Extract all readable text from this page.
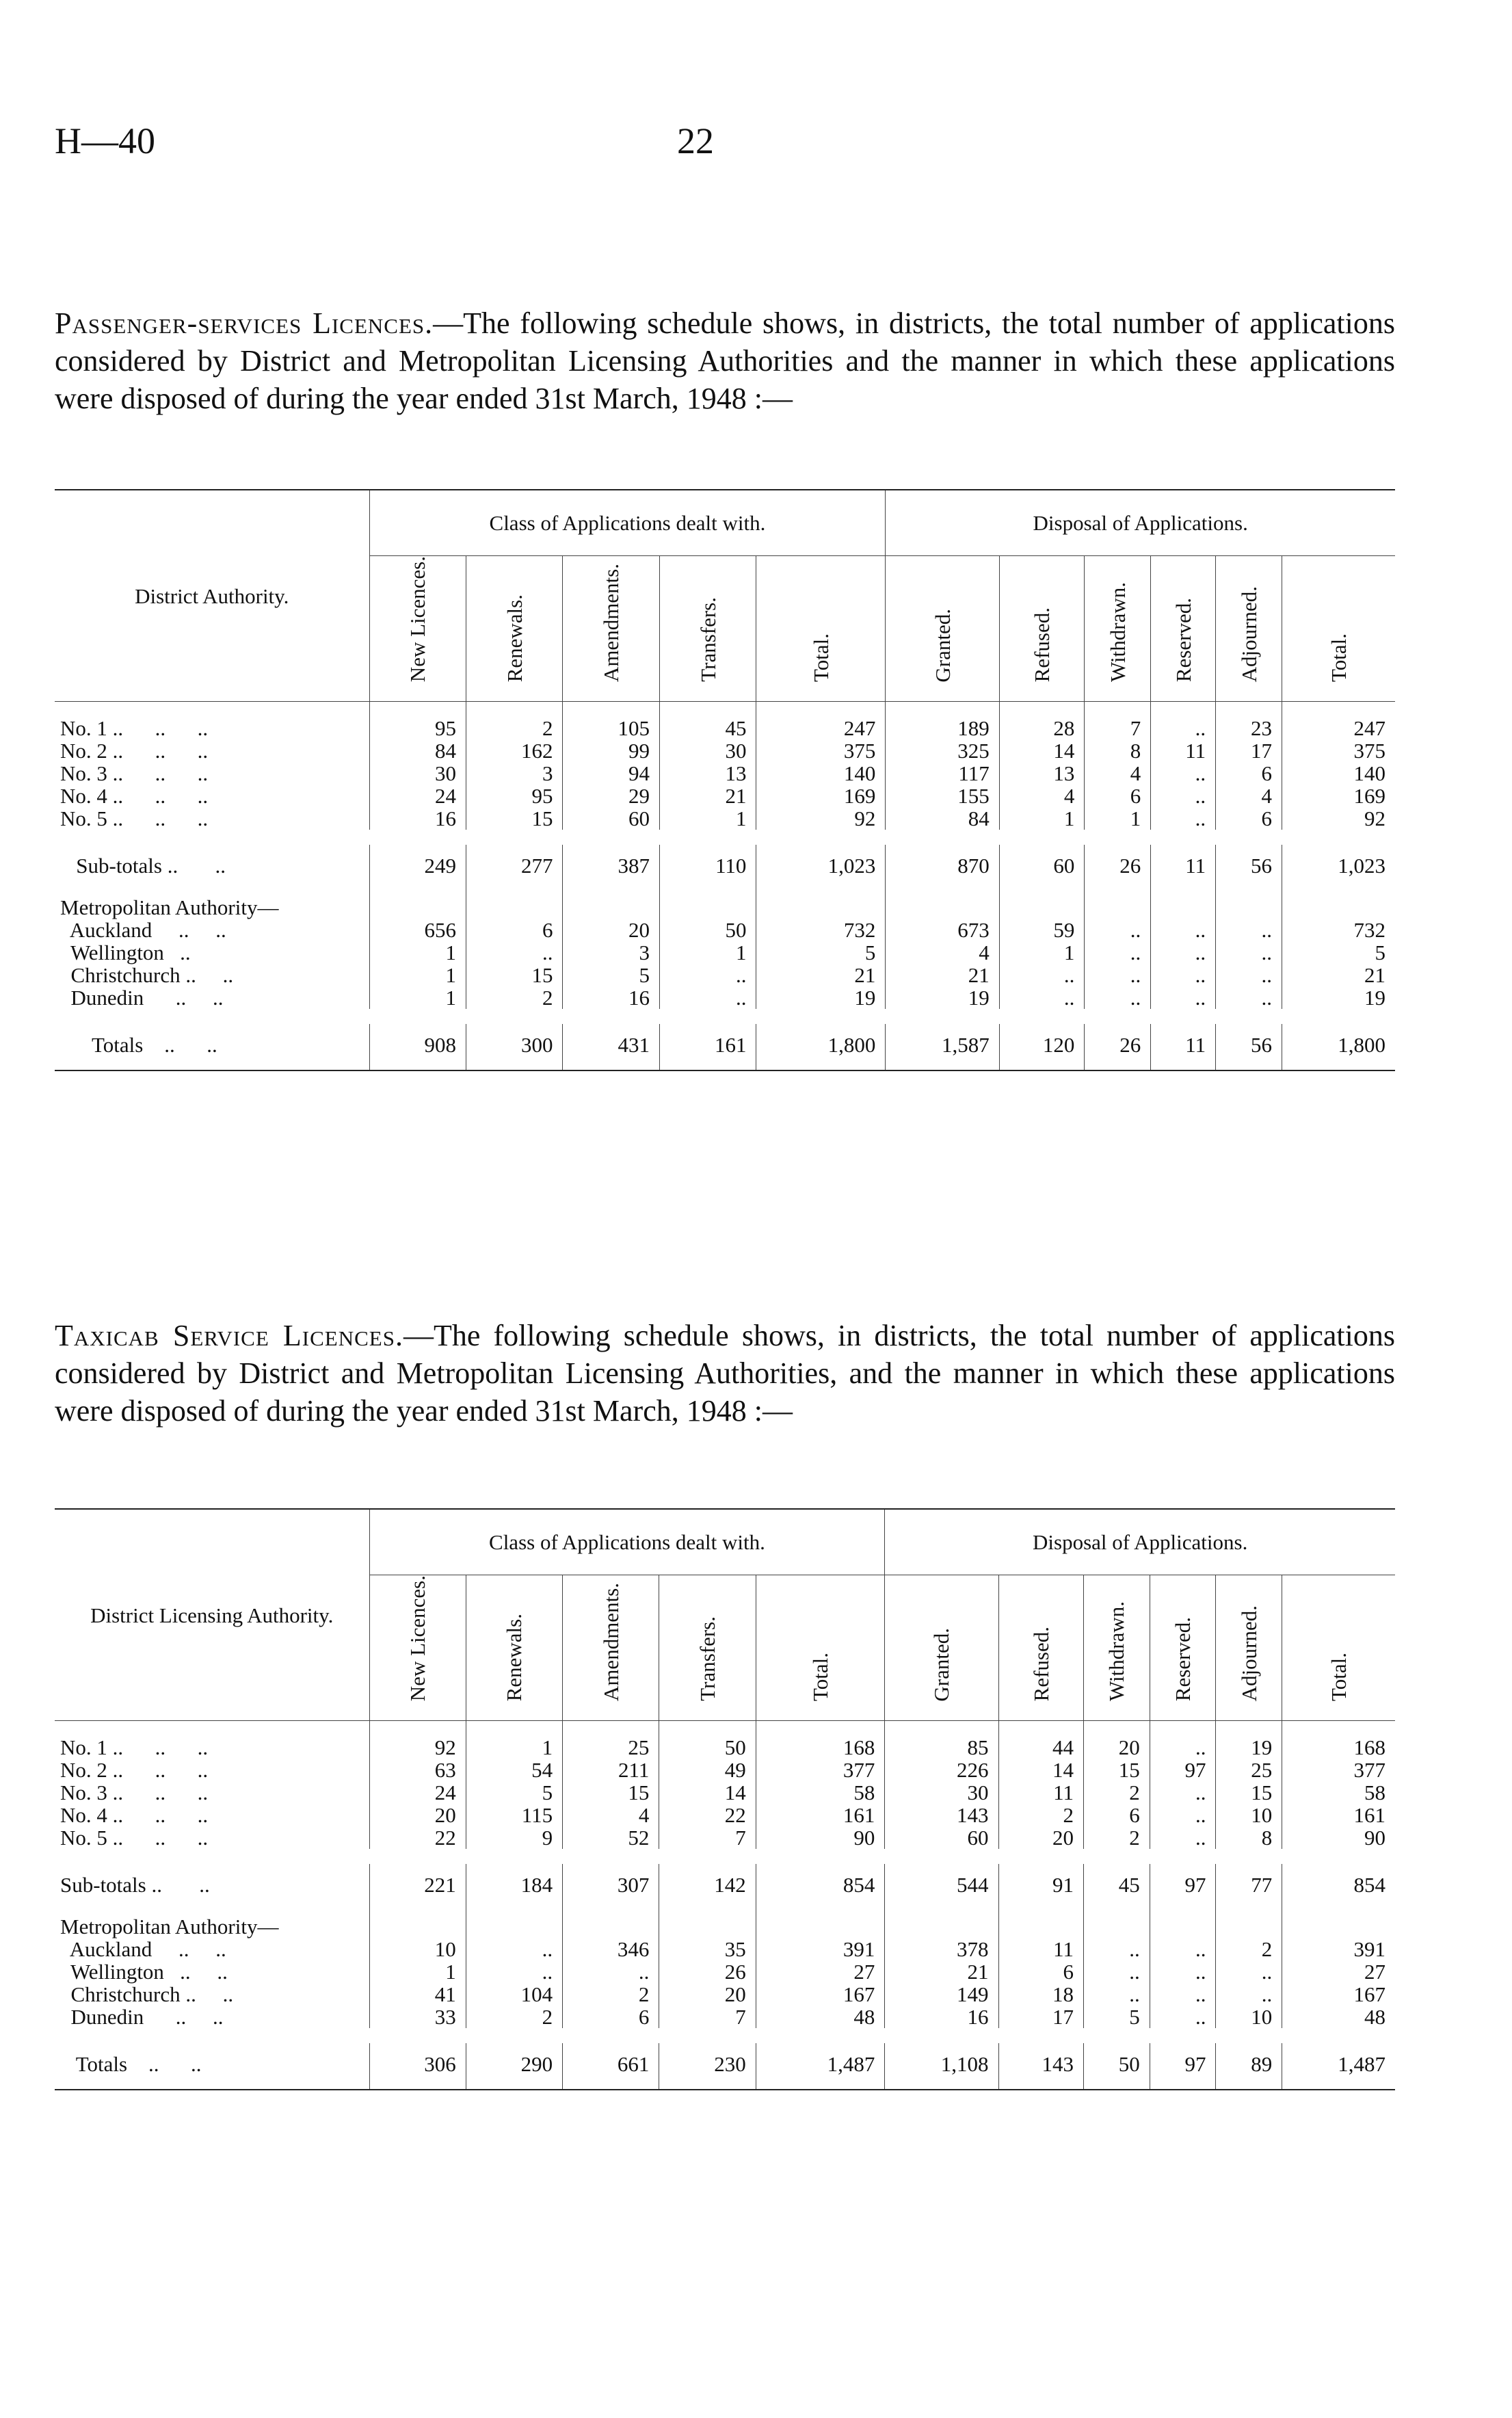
H—40	22
Passenger-services Licences.—The following schedule shows, in districts, the total number of applications considered by District and Metropolitan Licensing Authorities and the manner in which these applications were disposed of during the year ended 31st March, 1948 :—

District Authority.	Class of Applications dealt with.					Disposal of Applications.					
	New Licences.	Renewals.	Amendments.	Transfers.	Total.	Granted.	Refused.	Withdrawn.	Reserved.	Adjourned.	Total.
No. 1 ..      ..      ..	95	2	105	45	247	189	28	7	..	23	247
No. 2 ..      ..      ..	84	162	99	30	375	325	14	8	11	17	375
No. 3 ..      ..      ..	30	3	94	13	140	117	13	4	..	6	140
No. 4 ..      ..      ..	24	95	29	21	169	155	4	6	..	4	169
No. 5 ..      ..      ..	16	15	60	1	92	84	1	1	..	6	92

Sub-totals ..       ..	249	277	387	110	1,023	870	60	26	11	56	1,023
Metropolitan Authority—											
Auckland     ..     ..	656	6	20	50	732	673	59	..	..	..	732
Wellington   ..	1	..	3	1	5	4	1	..	..	..	5
Christchurch ..     ..	1	15	5	..	21	21	..	..	..	..	21
Dunedin      ..     ..	1	2	16	..	19	19	..	..	..	..	19

Totals    ..      ..	908	300	431	161	1,800	1,587	120	26	11	56	1,800
Taxicab Service Licences.—The following schedule shows, in districts, the total number of applications considered by District and Metropolitan Licensing Authorities, and the manner in which these applications were disposed of during the year ended 31st March, 1948 :—

District Licensing Authority.	Class of Applications dealt with.					Disposal of Applications.					
	New Licences.	Renewals.	Amendments.	Transfers.	Total.	Granted.	Refused.	Withdrawn.	Reserved.	Adjourned.	Total.
No. 1 ..      ..      ..	92	1	25	50	168	85	44	20	..	19	168
No. 2 ..      ..      ..	63	54	211	49	377	226	14	15	97	25	377
No. 3 ..      ..      ..	24	5	15	14	58	30	11	2	..	15	58
No. 4 ..      ..      ..	20	115	4	22	161	143	2	6	..	10	161
No. 5 ..      ..      ..	22	9	52	7	90	60	20	2	..	8	90

Sub-totals ..       ..	221	184	307	142	854	544	91	45	97	77	854
Metropolitan Authority—											
Auckland     ..     ..	10	..	346	35	391	378	11	..	..	2	391
Wellington   ..     ..	1	..	..	26	27	21	6	..	..	..	27
Christchurch ..     ..	41	104	2	20	167	149	18	..	..	..	167
Dunedin      ..     ..	33	2	6	7	48	16	17	5	..	10	48

Totals    ..      ..	306	290	661	230	1,487	1,108	143	50	97	89	1,487
